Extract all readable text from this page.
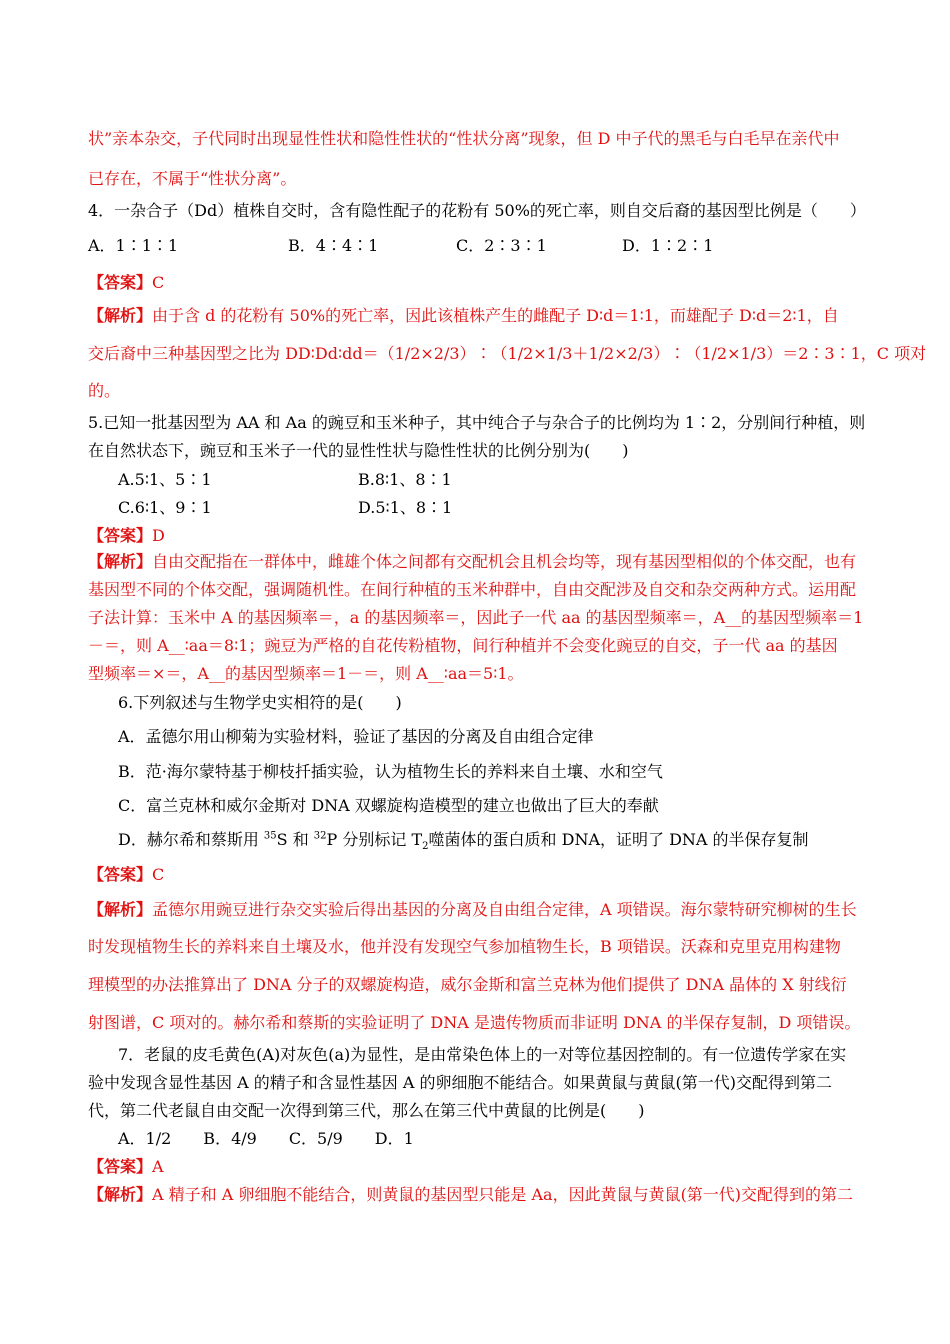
状”亲本杂交，子代同时出现显性性状和隐性性状的“性状分离”现象，但 D 中子代的黑毛与白毛早在亲代中
已存在，不属于“性状分离”。
4．一杂合子（Dd）植株自交时，含有隐性配子的花粉有 50%的死亡率，则自交后裔的基因型比例是（　　）
【解析】由于含 d 的花粉有 50%的死亡率，因此该植株产生的雌配子 D∶d＝1∶1，而雄配子 D∶d＝2∶1，自
交后裔中三种基因型之比为 DD∶Dd∶dd＝（1/2×2/3）∶（1/2×1/3＋1/2×2/3）∶（1/2×1/3）＝2∶3∶1，C 项对
的。
5.已知一批基因型为 AA 和 Aa 的豌豆和玉米种子，其中纯合子与杂合子的比例均为 1∶2，分别间行种植，则
在自然状态下，豌豆和玉米子一代的显性性状与隐性性状的比例分别为(　　)
【解析】自由交配指在一群体中，雌雄个体之间都有交配机会且机会均等，现有基因型相似的个体交配，也有
基因型不同的个体交配，强调随机性。在间行种植的玉米种群中，自由交配涉及自交和杂交两种方式。运用配
子法计算：玉米中 A 的基因频率＝，a 的基因频率＝，因此子一代 aa 的基因型频率＝，A__的基因型频率＝1
－＝，则 A__∶aa＝8∶1；豌豆为严格的自花传粉植物，间行种植并不会变化豌豆的自交，子一代 aa 的基因
型频率＝×＝，A__的基因型频率＝1－＝，则 A__∶aa＝5∶1。
6.下列叙述与生物学史实相符的是(　　)
A．孟德尔用山柳菊为实验材料，验证了基因的分离及自由组合定律
B．范·海尔蒙特基于柳枝扦插实验，认为植物生长的养料来自土壤、水和空气
C．富兰克林和威尔金斯对 DNA 双螺旋构造模型的建立也做出了巨大的奉献
【解析】孟德尔用豌豆进行杂交实验后得出基因的分离及自由组合定律，A 项错误。海尔蒙特研究柳树的生长
时发现植物生长的养料来自土壤及水，他并没有发现空气参加植物生长，B 项错误。沃森和克里克用构建物
理模型的办法推算出了 DNA 分子的双螺旋构造，威尔金斯和富兰克林为他们提供了 DNA 晶体的 X 射线衍
射图谱，C 项对的。赫尔希和蔡斯的实验证明了 DNA 是遗传物质而非证明 DNA 的半保存复制，D 项错误。
7．老鼠的皮毛黄色(A)对灰色(a)为显性，是由常染色体上的一对等位基因控制的。有一位遗传学家在实
验中发现含显性基因 A 的精子和含显性基因 A 的卵细胞不能结合。如果黄鼠与黄鼠(第一代)交配得到第二
代，第二代老鼠自由交配一次得到第三代，那么在第三代中黄鼠的比例是(　　)
A．1/2　　B．4/9　　C．5/9　　D．1
【解析】A 精子和 A 卵细胞不能结合，则黄鼠的基因型只能是 Aa，因此黄鼠与黄鼠(第一代)交配得到的第二
【答案】C
【答案】D
【答案】C
【答案】A
A．1∶1∶1	B．4∶4∶1	C．2∶3∶1	D．1∶2∶1
A.5∶1、5∶1	B.8∶1、8∶1
C.6∶1、9∶1	D.5∶1、8∶1
D．赫尔希和蔡斯用 $^{35}$S 和 $^{32}$P 分别标记 $T_2$噬菌体的蛋白质和 DNA，证明了 DNA 的半保存复制
